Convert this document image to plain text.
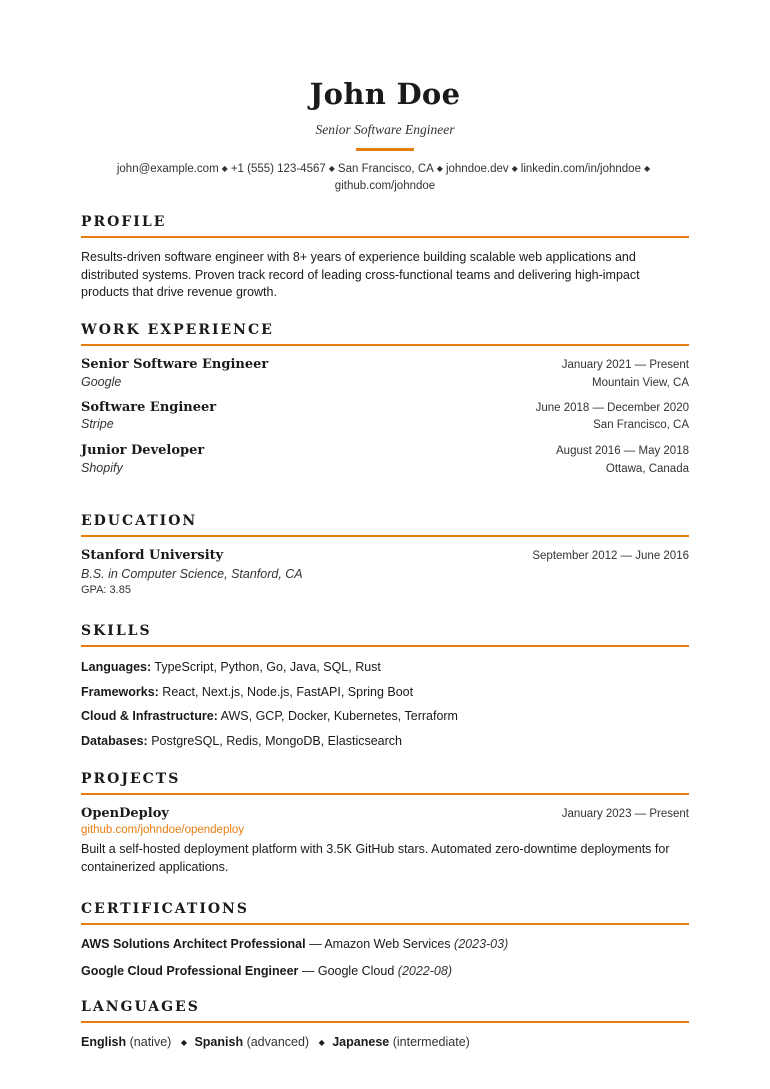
John Doe
Senior Software Engineer
john@example.com ◆ +1 (555) 123-4567 ◆ San Francisco, CA ◆ johndoe.dev ◆ linkedin.com/in/johndoe ◆
github.com/johndoe
PROFILE
Results-driven software engineer with 8+ years of experience building scalable web applications and distributed systems. Proven track record of leading cross-functional teams and delivering high-impact products that drive revenue growth.
WORK EXPERIENCE
Senior Software Engineer	January 2021 — Present
Google	Mountain View, CA
Software Engineer	June 2018 — December 2020
Stripe	San Francisco, CA
Junior Developer	August 2016 — May 2018
Shopify	Ottawa, Canada
EDUCATION
Stanford University	September 2012 — June 2016
B.S. in Computer Science, Stanford, CA
GPA: 3.85
SKILLS
Languages: TypeScript, Python, Go, Java, SQL, Rust
Frameworks: React, Next.js, Node.js, FastAPI, Spring Boot
Cloud & Infrastructure: AWS, GCP, Docker, Kubernetes, Terraform
Databases: PostgreSQL, Redis, MongoDB, Elasticsearch
PROJECTS
OpenDeploy	January 2023 — Present
github.com/johndoe/opendeploy
Built a self-hosted deployment platform with 3.5K GitHub stars. Automated zero-downtime deployments for containerized applications.
CERTIFICATIONS
AWS Solutions Architect Professional — Amazon Web Services (2023-03)
Google Cloud Professional Engineer — Google Cloud (2022-08)
LANGUAGES
English (native) ◆ Spanish (advanced) ◆ Japanese (intermediate)
